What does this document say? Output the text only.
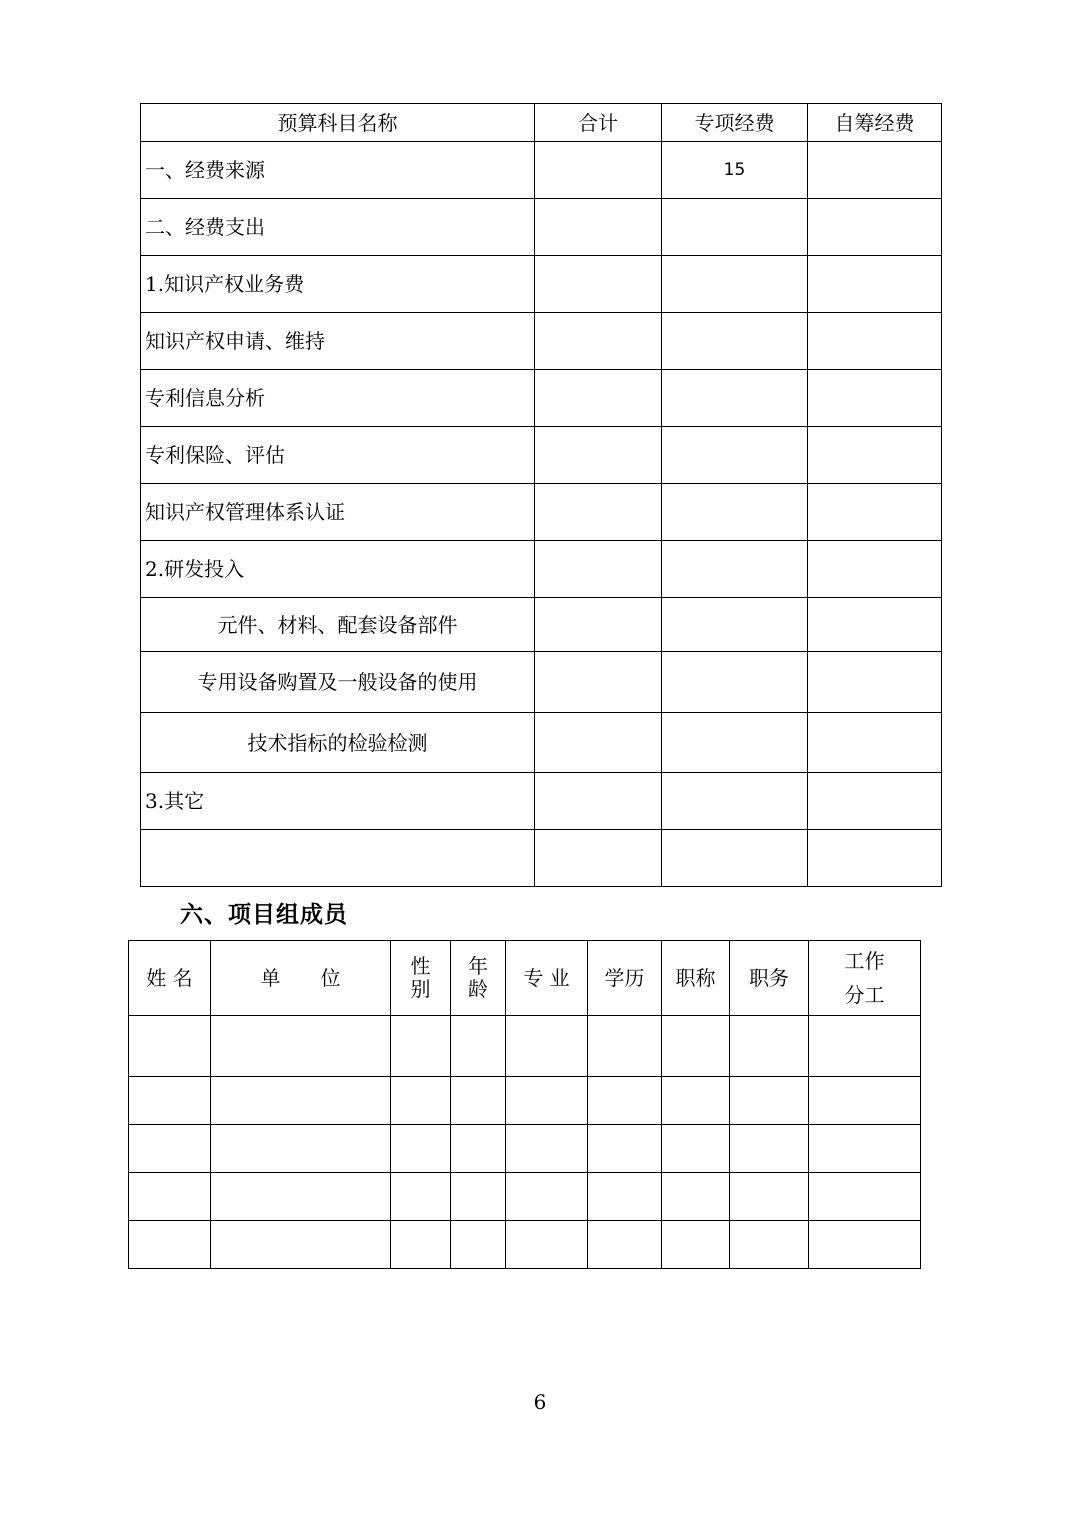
预算科目名称	合计	专项经费	自筹经费
一、经费来源		15	
二、经费支出			
1.知识产权业务费			
知识产权申请、维持			
专利信息分析			
专利保险、评估			
知识产权管理体系认证			
2.研发投入			
元件、材料、配套设备部件			
专用设备购置及一般设备的使用			
技术指标的检验检测			
3.其它			

六、项目组成员
姓 名	单　　位	性别	年龄	专 业	学历	职称	职务	工作
分工

6
